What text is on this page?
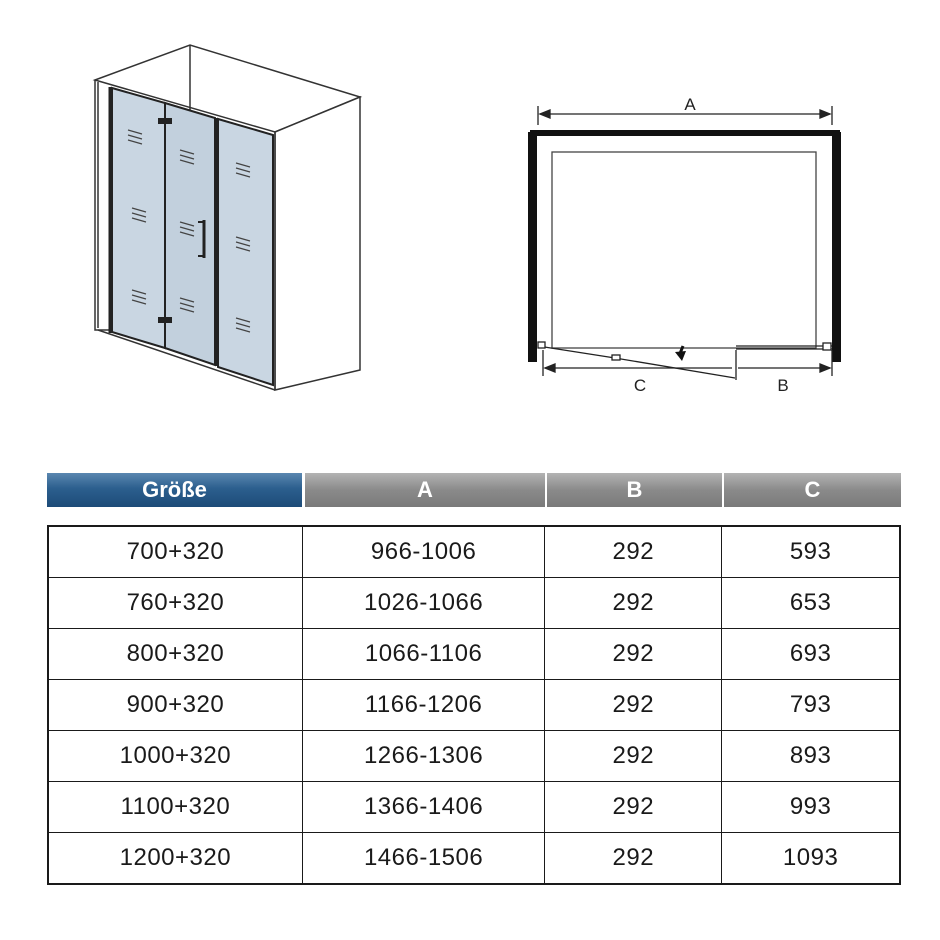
A
C	B
Größe	A	B	C
700+320	966-1006	292	593
760+320	1026-1066	292	653
800+320	1066-1106	292	693
900+320	1166-1206	292	793
1000+320	1266-1306	292	893
1100+320	1366-1406	292	993
1200+320	1466-1506	292	1093
